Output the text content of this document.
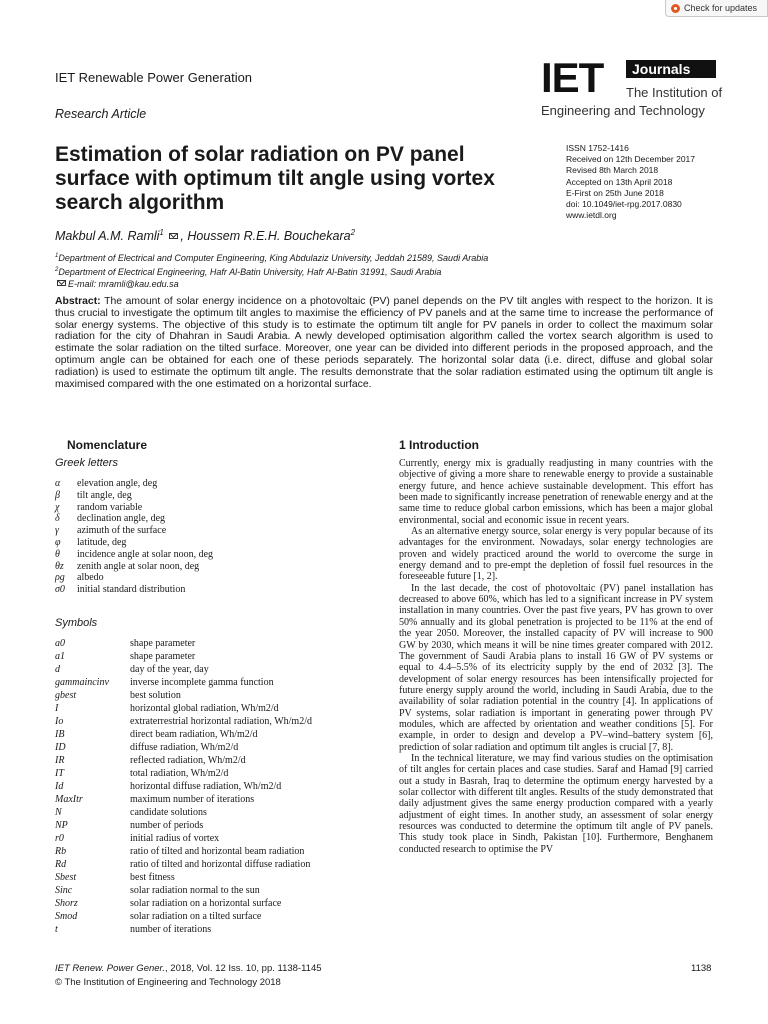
Check for updates
IET Renewable Power Generation
Research Article
IET	Journals
The Institution of
Engineering and Technology
Estimation of solar radiation on PV panel surface with optimum tilt angle using vortex search algorithm
ISSN 1752-1416
Received on 12th December 2017
Revised 8th March 2018
Accepted on 13th April 2018
E-First on 25th June 2018
doi: 10.1049/iet-rpg.2017.0830
www.ietdl.org
Makbul A.M. Ramli$^1$ , Houssem R.E.H. Bouchekara$^2$
$^1$Department of Electrical and Computer Engineering, King Abdulaziz University, Jeddah 21589, Saudi Arabia
$^2$Department of Electrical Engineering, Hafr Al-Batin University, Hafr Al-Batin 31991, Saudi Arabia
E-mail: mramli@kau.edu.sa
Abstract: The amount of solar energy incidence on a photovoltaic (PV) panel depends on the PV tilt angles with respect to the horizon. It is thus crucial to investigate the optimum tilt angles to maximise the efficiency of PV panels and at the same time to increase the performance of solar energy systems. The objective of this study is to estimate the optimum tilt angle for PV panels in order to collect the maximum solar radiation for the city of Dhahran in Saudi Arabia. A newly developed optimisation algorithm called the vortex search algorithm is used to estimate the solar radiation on the tilted surface. Moreover, one year can be divided into different periods in the proposed approach, and the optimum angle can be obtained for each one of these periods separately. The horizontal solar data (i.e. direct, diffuse and global solar radiation) is used to estimate the optimum tilt angle. The results demonstrate that the solar radiation estimated using the optimum tilt angle is maximised compared with the one estimated on a horizontal surface.
Nomenclature
Greek letters
α elevation angle, deg
β tilt angle, deg
χ random variable
δ declination angle, deg
γ azimuth of the surface
φ latitude, deg
θ incidence angle at solar noon, deg
θz zenith angle at solar noon, deg
ρg albedo
σ0 initial standard distribution
Symbols
a0	shape parameter
a1	shape parameter
d	day of the year, day
gammaincinv inverse incomplete gamma function
gbest	best solution
I	horizontal global radiation, Wh/m2/d
Io	extraterrestrial horizontal radiation, Wh/m2/d
IB	direct beam radiation, Wh/m2/d
ID	diffuse radiation, Wh/m2/d
IR	reflected radiation, Wh/m2/d
IT	total radiation, Wh/m2/d
Id	horizontal diffuse radiation, Wh/m2/d
MaxItr	maximum number of iterations
N	candidate solutions
NP	number of periods
r0	initial radius of vortex
Rb	ratio of tilted and horizontal beam radiation
Rd	ratio of tilted and horizontal diffuse radiation
Sbest	best fitness
Sinc	solar radiation normal to the sun
Shorz	solar radiation on a horizontal surface
Smod	solar radiation on a tilted surface
t	number of iterations
1 Introduction

Currently, energy mix is gradually readjusting in many countries with the objective of giving a more share to renewable energy to provide a sustainable energy future, and hence achieve sustainable development. This effort has been made to significantly increase penetration of renewable energy and at the same time to reduce global carbon emissions, which has been a major global environmental, social and economic issue in recent years.

As an alternative energy source, solar energy is very popular because of its advantages for the environment. Nowadays, solar energy technologies are proven and widely practiced around the world to overcome the surge in energy demand and to pre-empt the depletion of fossil fuel resources in the foreseeable future [1, 2].

In the last decade, the cost of photovoltaic (PV) panel installation has decreased to above 60%, which has led to a significant increase in PV system installation in many countries. Over the past five years, PV has grown to over 50% annually and its global penetration is projected to be 11% at the end of the year 2050. Moreover, the installed capacity of PV will increase to 900 GW by 2030, which means it will be nine times greater compared with 2012. The government of Saudi Arabia plans to install 16 GW of PV systems or equal to 4.4–5.5% of its electricity supply by the end of 2032 [3]. The development of solar energy resources has been intensifically projected for future energy supply around the world, including in Saudi Arabia, due to the availability of solar radiation potential in the country [4]. In applications of PV systems, solar radiation is important in generating power through PV modules, which are affected by orientation and weather conditions [5]. For example, in order to design and develop a PV–wind–battery system [6], prediction of solar radiation and optimum tilt angles is crucial [7, 8].

In the technical literature, we may find various studies on the optimisation of tilt angles for certain places and case studies. Saraf and Hamad [9] carried out a study in Basrah, Iraq to determine the optimum energy harvested by a solar collector with different tilt angles. Results of the study demonstrated that daily adjustment gives the same energy production compared with a yearly adjustment of eight times. In another study, an assessment of solar energy resources was conducted to determine the optimum tilt angle of PV panels. This study took place in Sindh, Pakistan [10]. Furthermore, Benghanem conducted research to optimise the PV

IET Renew. Power Gener., 2018, Vol. 12 Iss. 10, pp. 1138-1145
© The Institution of Engineering and Technology 2018
1138
